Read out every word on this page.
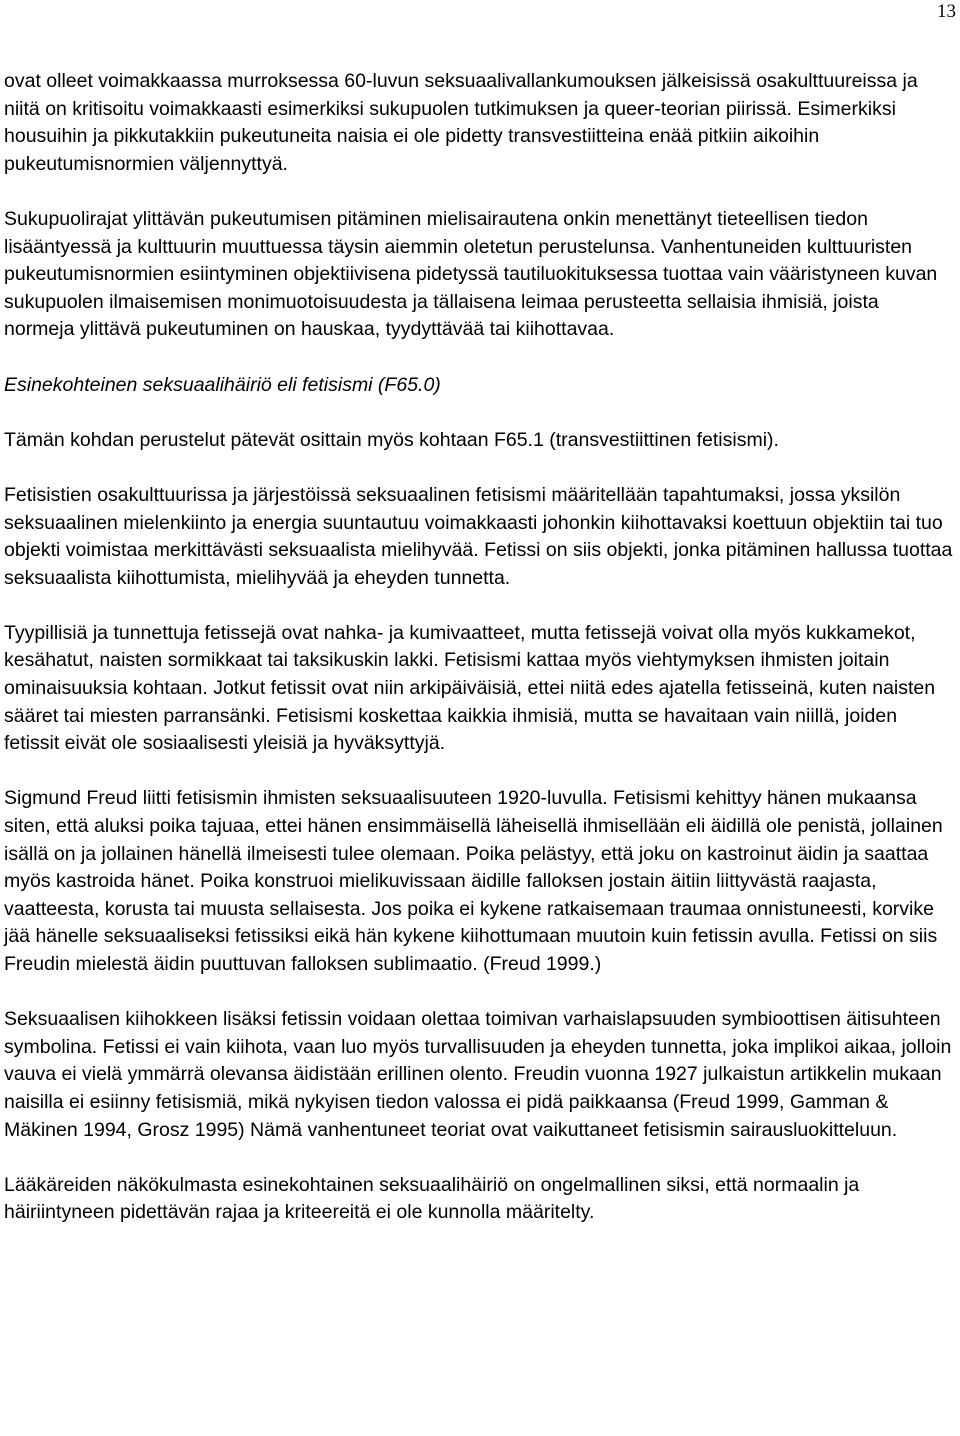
13

ovat olleet voimakkaassa murroksessa 60-luvun seksuaalivallankumouksen jälkeisissä osakulttuureissa ja niitä on kritisoitu voimakkaasti esimerkiksi sukupuolen tutkimuksen ja queer-teorian piirissä. Esimerkiksi housuihin ja pikkutakkiin pukeutuneita naisia ei ole pidetty transvestiitteina enää pitkiin aikoihin pukeutumisnormien väljennyttyä.

Sukupuolirajat ylittävän pukeutumisen pitäminen mielisairautena onkin menettänyt tieteellisen tiedon lisääntyessä ja kulttuurin muuttuessa täysin aiemmin oletetun perustelunsa. Vanhentuneiden kulttuuristen pukeutumisnormien esiintyminen objektiivisena pidetyssä tautiluokituksessa tuottaa vain vääristyneen kuvan sukupuolen ilmaisemisen monimuotoisuudesta ja tällaisena leimaa perusteetta sellaisia ihmisiä, joista normeja ylittävä pukeutuminen on hauskaa, tyydyttävää tai kiihottavaa.

Esinekohteinen seksuaalihäiriö eli fetisismi (F65.0)

Tämän kohdan perustelut pätevät osittain myös kohtaan F65.1 (transvestiittinen fetisismi).

Fetisistien osakulttuurissa ja järjestöissä seksuaalinen fetisismi määritellään tapahtumaksi, jossa yksilön seksuaalinen mielenkiinto ja energia suuntautuu voimakkaasti johonkin kiihottavaksi koettuun objektiin tai tuo objekti voimistaa merkittävästi seksuaalista mielihyvää. Fetissi on siis objekti, jonka pitäminen hallussa tuottaa seksuaalista kiihottumista, mielihyvää ja eheyden tunnetta.

Tyypillisiä ja tunnettuja fetissejä ovat nahka- ja kumivaatteet, mutta fetissejä voivat olla myös kukkamekot, kesähatut, naisten sormikkaat tai taksikuskin lakki. Fetisismi kattaa myös viehtymyksen ihmisten joitain ominaisuuksia kohtaan. Jotkut fetissit ovat niin arkipäiväisiä, ettei niitä edes ajatella fetisseinä, kuten naisten sääret tai miesten parransänki. Fetisismi koskettaa kaikkia ihmisiä, mutta se havaitaan vain niillä, joiden fetissit eivät ole sosiaalisesti yleisiä ja hyväksyttyjä.

Sigmund Freud liitti fetisismin ihmisten seksuaalisuuteen 1920-luvulla. Fetisismi kehittyy hänen mukaansa siten, että aluksi poika tajuaa, ettei hänen ensimmäisellä läheisellä ihmisellään eli äidillä ole penistä, jollainen isällä on ja jollainen hänellä ilmeisesti tulee olemaan. Poika pelästyy, että joku on kastroinut äidin ja saattaa myös kastroida hänet. Poika konstruoi mielikuvissaan äidille falloksen jostain äitiin liittyvästä raajasta, vaatteesta, korusta tai muusta sellaisesta. Jos poika ei kykene ratkaisemaan traumaa onnistuneesti, korvike jää hänelle seksuaaliseksi fetissiksi eikä hän kykene kiihottumaan muutoin kuin fetissin avulla. Fetissi on siis Freudin mielestä äidin puuttuvan falloksen sublimaatio. (Freud 1999.)

Seksuaalisen kiihokkeen lisäksi fetissin voidaan olettaa toimivan varhaislapsuuden symbioottisen äitisuhteen symbolina. Fetissi ei vain kiihota, vaan luo myös turvallisuuden ja eheyden tunnetta, joka implikoi aikaa, jolloin vauva ei vielä ymmärrä olevansa äidistään erillinen olento. Freudin vuonna 1927 julkaistun artikkelin mukaan naisilla ei esiinny fetisismiä, mikä nykyisen tiedon valossa ei pidä paikkaansa (Freud 1999, Gamman & Mäkinen 1994, Grosz 1995) Nämä vanhentuneet teoriat ovat vaikuttaneet fetisismin sairausluokitteluun.

Lääkäreiden näkökulmasta esinekohtainen seksuaalihäiriö on ongelmallinen siksi, että normaalin ja häiriintyneen pidettävän rajaa ja kriteereitä ei ole kunnolla määritelty.
